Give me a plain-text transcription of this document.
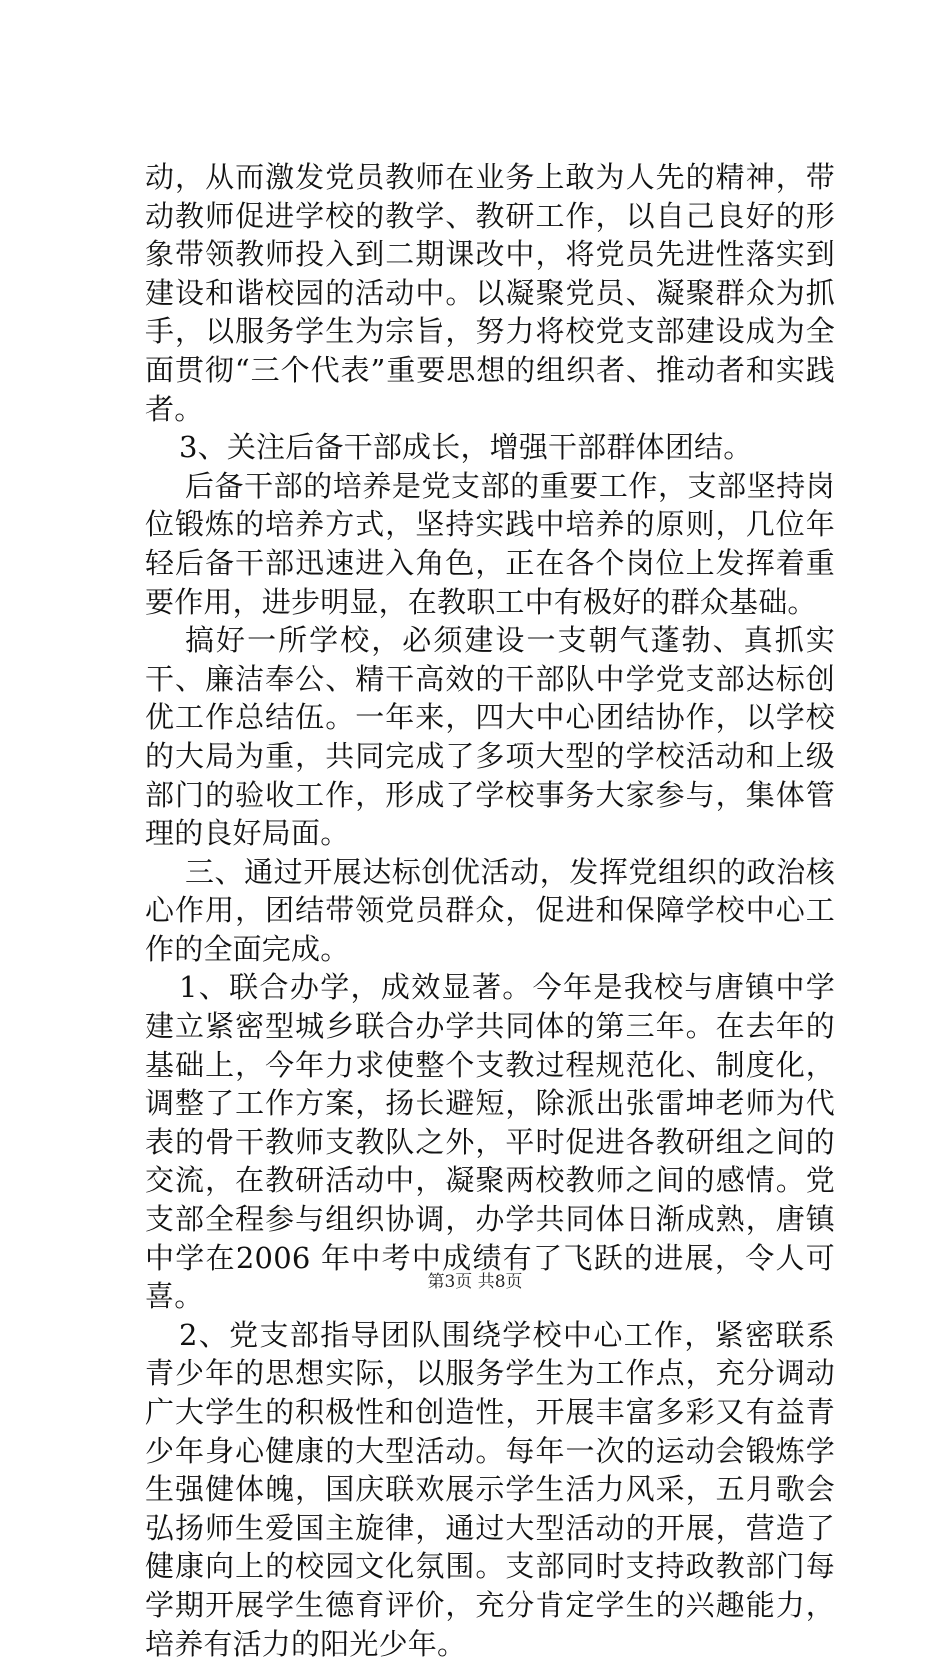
动，从而激发党员教师在业务上敢为人先的精神，带动教师促进学校的教学、教研工作，以自己良好的形象带领教师投入到二期课改中，将党员先进性落实到建设和谐校园的活动中。以凝聚党员、凝聚群众为抓手，以服务学生为宗旨，努力将校党支部建设成为全面贯彻“三个代表”重要思想的组织者、推动者和实践者。

3、关注后备干部成长，增强干部群体团结。

后备干部的培养是党支部的重要工作，支部坚持岗位锻炼的培养方式，坚持实践中培养的原则，几位年轻后备干部迅速进入角色，正在各个岗位上发挥着重要作用，进步明显，在教职工中有极好的群众基础。

搞好一所学校，必须建设一支朝气蓬勃、真抓实干、廉洁奉公、精干高效的干部队中学党支部达标创优工作总结伍。一年来，四大中心团结协作，以学校的大局为重，共同完成了多项大型的学校活动和上级部门的验收工作，形成了学校事务大家参与，集体管理的良好局面。

三、通过开展达标创优活动，发挥党组织的政治核心作用，团结带领党员群众，促进和保障学校中心工作的全面完成。

1、联合办学，成效显著。今年是我校与唐镇中学建立紧密型城乡联合办学共同体的第三年。在去年的基础上，今年力求使整个支教过程规范化、制度化，调整了工作方案，扬长避短，除派出张雷坤老师为代表的骨干教师支教队之外，平时促进各教研组之间的交流，在教研活动中，凝聚两校教师之间的感情。党支部全程参与组织协调，办学共同体日渐成熟，唐镇中学在2006 年中考中成绩有了飞跃的进展，令人可喜。

2、党支部指导团队围绕学校中心工作，紧密联系青少年的思想实际，以服务学生为工作点，充分调动广大学生的积极性和创造性，开展丰富多彩又有益青少年身心健康的大型活动。每年一次的运动会锻炼学生强健体魄，国庆联欢展示学生活力风采，五月歌会弘扬师生爱国主旋律，通过大型活动的开展，营造了健康向上的校园文化氛围。支部同时支持政教部门每学期开展学生德育评价，充分肯定学生的兴趣能力，培养有活力的阳光少年。

第3页 共8页
